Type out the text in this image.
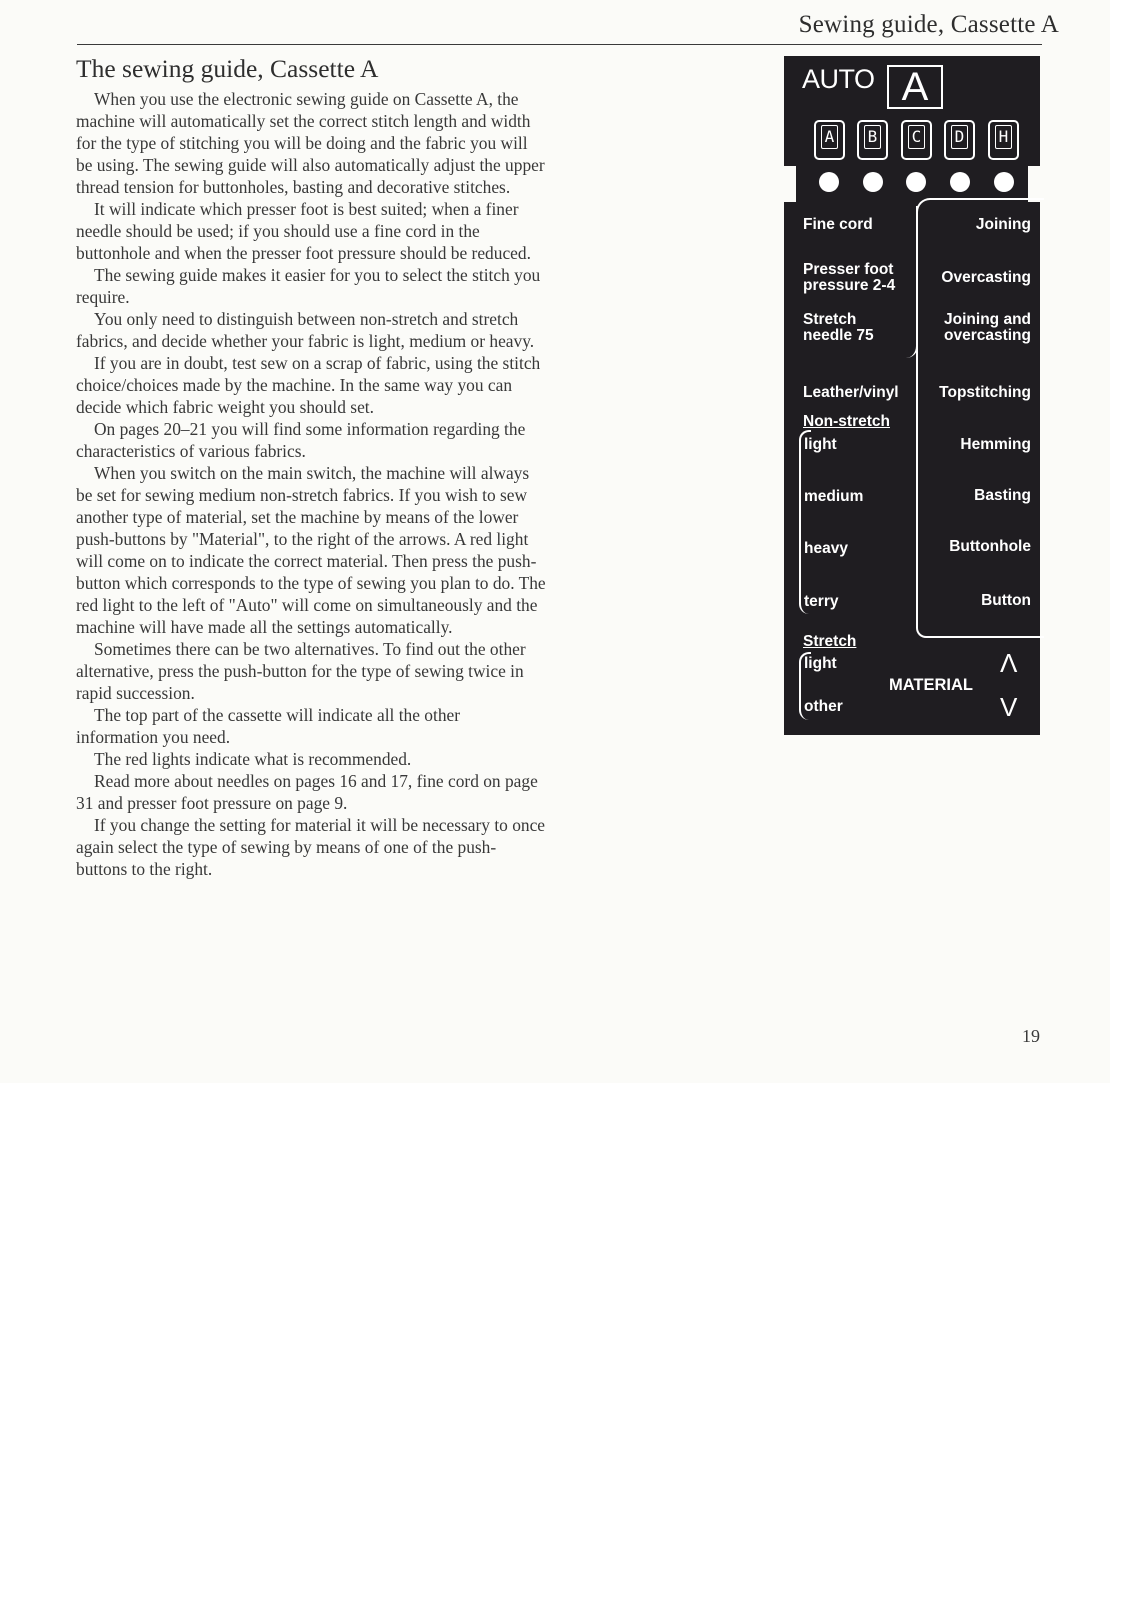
Sewing guide, Cassette A
The sewing guide, Cassette A

When you use the electronic sewing guide on Cassette A, the machine will automatically set the correct stitch length and width for the type of stitching you will be doing and the fabric you will be using. The sewing guide will also automatically adjust the upper thread tension for buttonholes, basting and decorative stitches.

It will indicate which presser foot is best suited; when a finer needle should be used; if you should use a fine cord in the buttonhole and when the presser foot pressure should be reduced.

The sewing guide makes it easier for you to select the stitch you require.

You only need to distinguish between non-stretch and stretch fabrics, and decide whether your fabric is light, medium or heavy.

If you are in doubt, test sew on a scrap of fabric, using the stitch choice/choices made by the machine. In the same way you can decide which fabric weight you should set.

On pages 20–21 you will find some information regarding the characteristics of various fabrics.

When you switch on the main switch, the machine will always be set for sewing medium non-stretch fabrics. If you wish to sew another type of material, set the machine by means of the lower push-buttons by "Material", to the right of the arrows. A red light will come on to indicate the correct material. Then press the push-button which corresponds to the type of sewing you plan to do. The red light to the left of "Auto" will come on simultaneously and the machine will have made all the settings automatically.

Sometimes there can be two alternatives. To find out the other alternative, press the push-button for the type of sewing twice in rapid succession.

The top part of the cassette will indicate all the other information you need.

The red lights indicate what is recommended.

Read more about needles on pages 16 and 17, fine cord on page 31 and presser foot pressure on page 9.

If you change the setting for material it will be necessary to once again select the type of sewing by means of one of the push-buttons to the right.

19
AUTO A
A	B	C	D	H
Fine cord
Presser foot
pressure 2-4
Stretch
needle 75
Joining
Overcasting
Joining and
overcasting
Topstitching
Hemming
Basting
Buttonhole
Button
Leather/vinyl
Non-stretch
light
medium
heavy
terry
Stretch
light
other
MATERIAL
Λ
V
